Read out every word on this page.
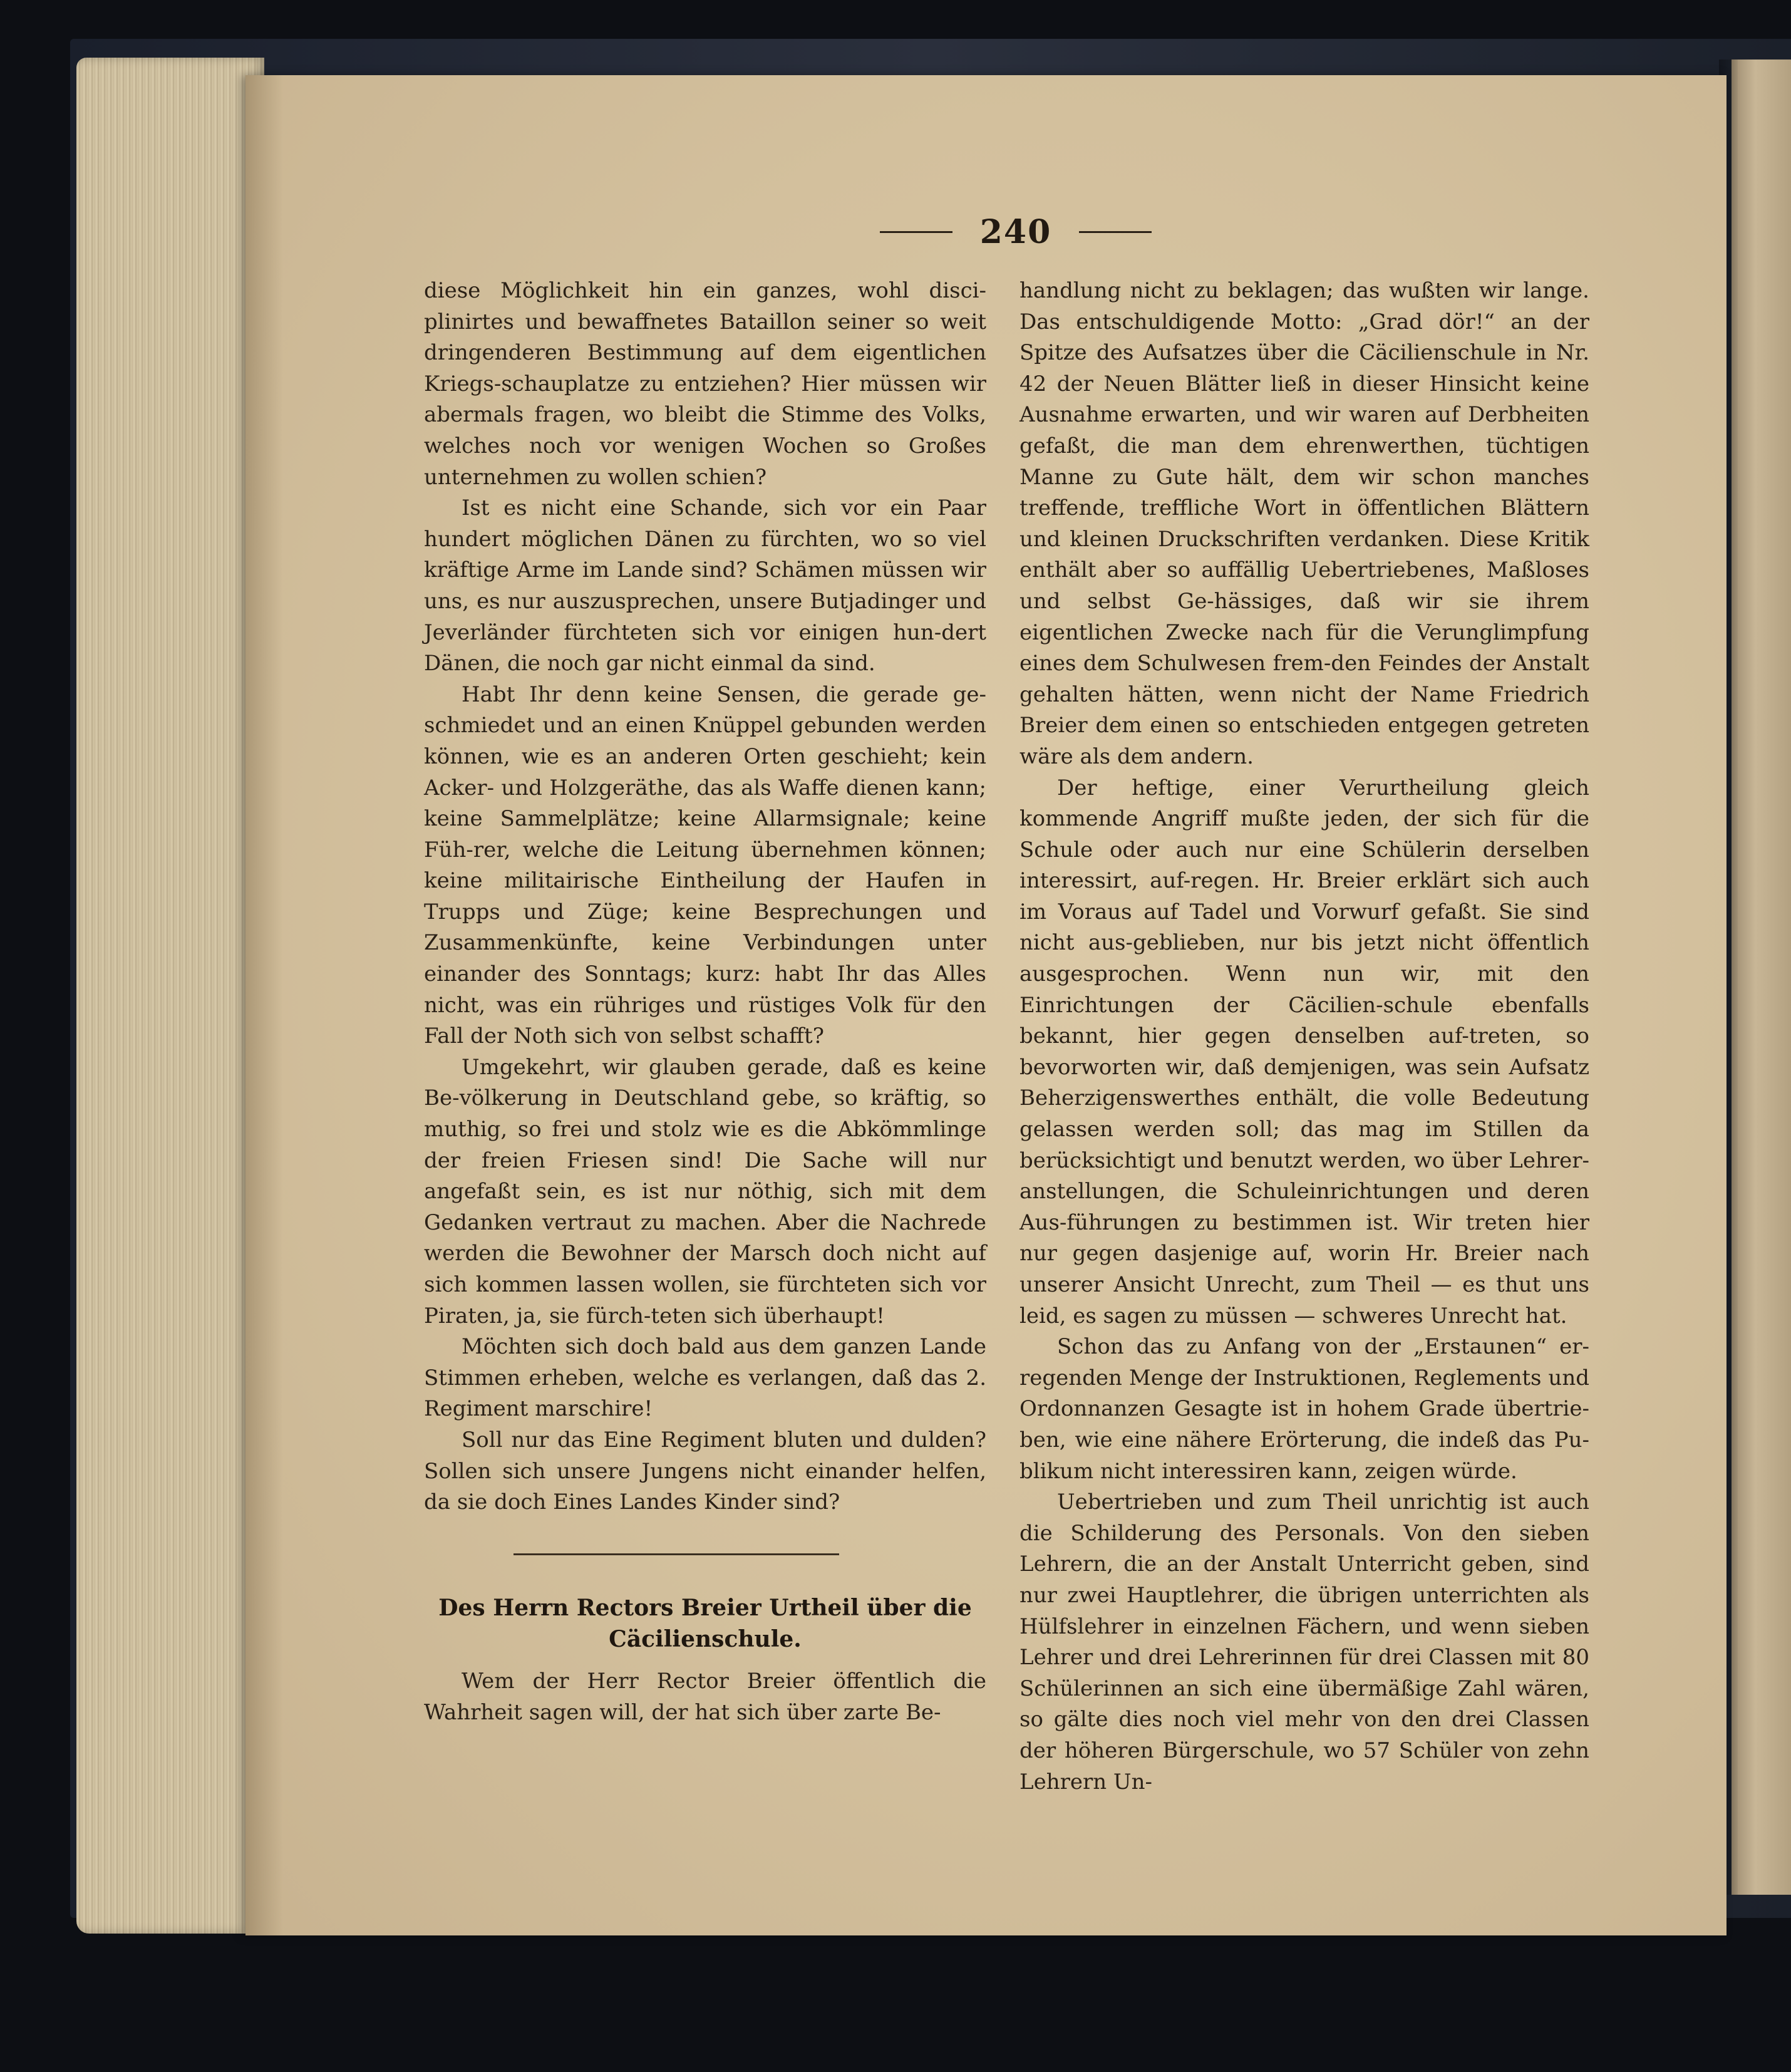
240

diese Möglichkeit hin ein ganzes, wohl disci-plinirtes und bewaffnetes Bataillon seiner so weit dringenderen Bestimmung auf dem eigentlichen Kriegs-schauplatze zu entziehen? Hier müssen wir abermals fragen, wo bleibt die Stimme des Volks, welches noch vor wenigen Wochen so Großes unternehmen zu wollen schien?

Ist es nicht eine Schande, sich vor ein Paar hundert möglichen Dänen zu fürchten, wo so viel kräftige Arme im Lande sind? Schämen müssen wir uns, es nur auszusprechen, unsere Butjadinger und Jeverländer fürchteten sich vor einigen hun-dert Dänen, die noch gar nicht einmal da sind.

Habt Ihr denn keine Sensen, die gerade ge-schmiedet und an einen Knüppel gebunden werden können, wie es an anderen Orten geschieht; kein Acker- und Holzgeräthe, das als Waffe dienen kann; keine Sammelplätze; keine Allarmsignale; keine Füh-rer, welche die Leitung übernehmen können; keine militairische Eintheilung der Haufen in Trupps und Züge; keine Besprechungen und Zusammenkünfte, keine Verbindungen unter einander des Sonntags; kurz: habt Ihr das Alles nicht, was ein rühriges und rüstiges Volk für den Fall der Noth sich von selbst schafft?

Umgekehrt, wir glauben gerade, daß es keine Be-völkerung in Deutschland gebe, so kräftig, so muthig, so frei und stolz wie es die Abkömmlinge der freien Friesen sind! Die Sache will nur angefaßt sein, es ist nur nöthig, sich mit dem Gedanken vertraut zu machen. Aber die Nachrede werden die Bewohner der Marsch doch nicht auf sich kommen lassen wollen, sie fürchteten sich vor Piraten, ja, sie fürch-teten sich überhaupt!

Möchten sich doch bald aus dem ganzen Lande Stimmen erheben, welche es verlangen, daß das 2. Regiment marschire!

Soll nur das Eine Regiment bluten und dulden? Sollen sich unsere Jungens nicht einander helfen, da sie doch Eines Landes Kinder sind?

Des Herrn Rectors Breier Urtheil über die Cäcilienschule.

Wem der Herr Rector Breier öffentlich die Wahrheit sagen will, der hat sich über zarte Be-

handlung nicht zu beklagen; das wußten wir lange. Das entschuldigende Motto: „Grad dör!“ an der Spitze des Aufsatzes über die Cäcilienschule in Nr. 42 der Neuen Blätter ließ in dieser Hinsicht keine Ausnahme erwarten, und wir waren auf Derbheiten gefaßt, die man dem ehrenwerthen, tüchtigen Manne zu Gute hält, dem wir schon manches treffende, treffliche Wort in öffentlichen Blättern und kleinen Druckschriften verdanken. Diese Kritik enthält aber so auffällig Uebertriebenes, Maßloses und selbst Ge-hässiges, daß wir sie ihrem eigentlichen Zwecke nach für die Verunglimpfung eines dem Schulwesen frem-den Feindes der Anstalt gehalten hätten, wenn nicht der Name Friedrich Breier dem einen so entschieden entgegen getreten wäre als dem andern.

Der heftige, einer Verurtheilung gleich kommende Angriff mußte jeden, der sich für die Schule oder auch nur eine Schülerin derselben interessirt, auf-regen. Hr. Breier erklärt sich auch im Voraus auf Tadel und Vorwurf gefaßt. Sie sind nicht aus-geblieben, nur bis jetzt nicht öffentlich ausgesprochen. Wenn nun wir, mit den Einrichtungen der Cäcilien-schule ebenfalls bekannt, hier gegen denselben auf-treten, so bevorworten wir, daß demjenigen, was sein Aufsatz Beherzigenswerthes enthält, die volle Bedeutung gelassen werden soll; das mag im Stillen da berücksichtigt und benutzt werden, wo über Lehrer-anstellungen, die Schuleinrichtungen und deren Aus-führungen zu bestimmen ist. Wir treten hier nur gegen dasjenige auf, worin Hr. Breier nach unserer Ansicht Unrecht, zum Theil — es thut uns leid, es sagen zu müssen — schweres Unrecht hat.

Schon das zu Anfang von der „Erstaunen“ er-regenden Menge der Instruktionen, Reglements und Ordonnanzen Gesagte ist in hohem Grade übertrie-ben, wie eine nähere Erörterung, die indeß das Pu-blikum nicht interessiren kann, zeigen würde.

Uebertrieben und zum Theil unrichtig ist auch die Schilderung des Personals. Von den sieben Lehrern, die an der Anstalt Unterricht geben, sind nur zwei Hauptlehrer, die übrigen unterrichten als Hülfslehrer in einzelnen Fächern, und wenn sieben Lehrer und drei Lehrerinnen für drei Classen mit 80 Schülerinnen an sich eine übermäßige Zahl wären, so gälte dies noch viel mehr von den drei Classen der höheren Bürgerschule, wo 57 Schüler von zehn Lehrern Un-
